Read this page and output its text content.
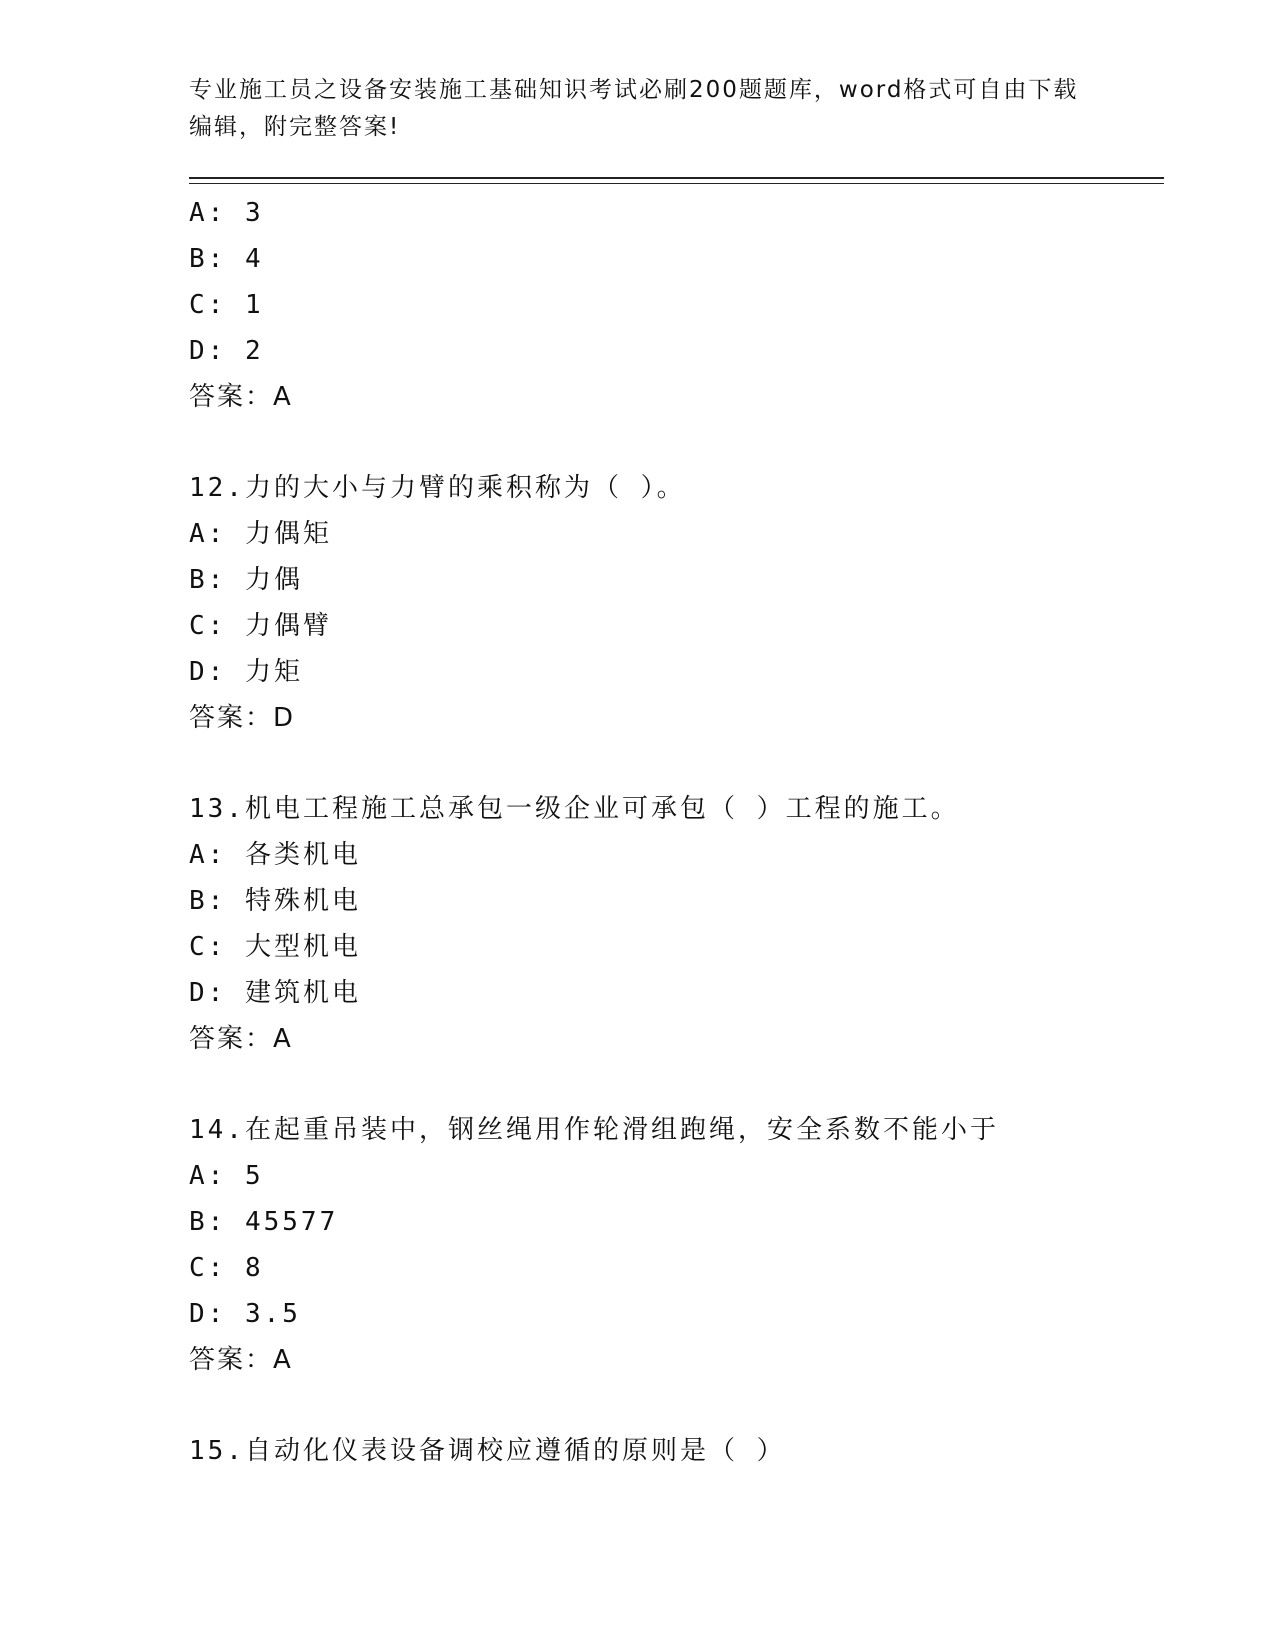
专业施工员之设备安装施工基础知识考试必刷200题题库，word格式可自由下载
编辑，附完整答案!
A: 3
B: 4
C: 1
D: 2
答案：A
12.力的大小与力臂的乘积称为（ ）。
A: 力偶矩
B: 力偶
C: 力偶臂
D: 力矩
答案：D
13.机电工程施工总承包一级企业可承包（ ）工程的施工。
A: 各类机电
B: 特殊机电
C: 大型机电
D: 建筑机电
答案：A
14.在起重吊装中，钢丝绳用作轮滑组跑绳，安全系数不能小于
A: 5
B: 45577
C: 8
D: 3.5
答案：A
15.自动化仪表设备调校应遵循的原则是（ ）
